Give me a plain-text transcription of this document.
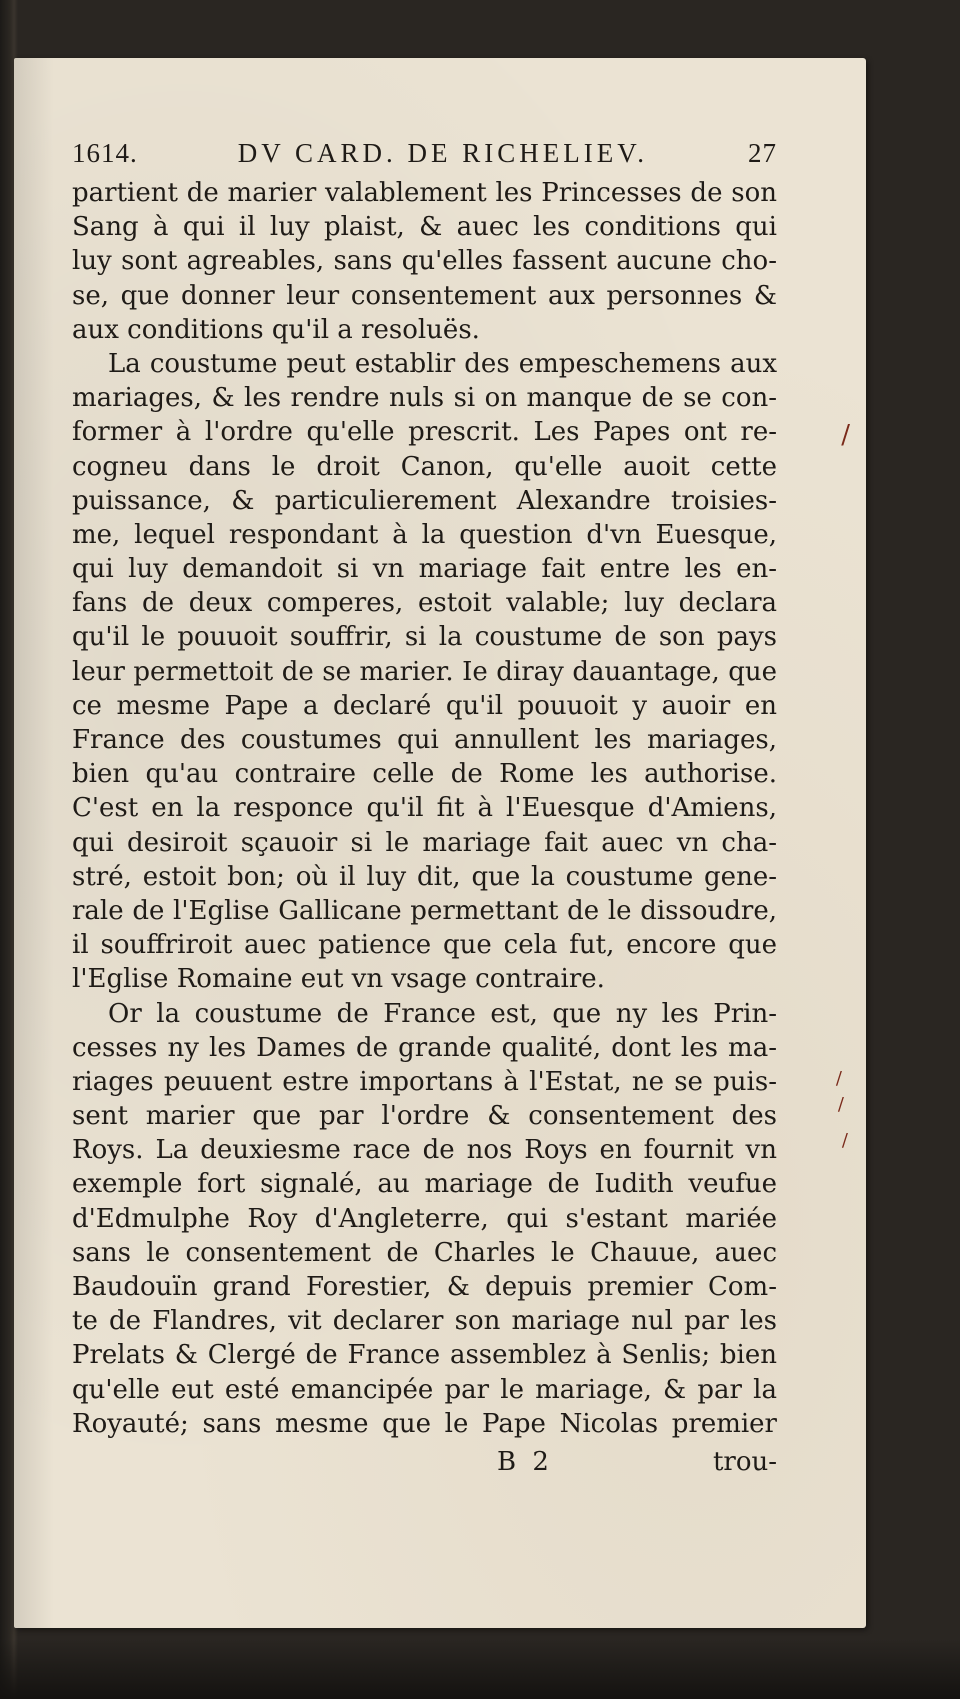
1614.	DV CARD. DE RICHELIEV.	27
partient de marier valablement les Princesses de son
Sang à qui il luy plaist, & auec les conditions qui
luy sont agreables, sans qu'elles fassent aucune cho-
se, que donner leur consentement aux personnes &
aux conditions qu'il a resoluës.
La coustume peut establir des empeschemens aux
mariages, & les rendre nuls si on manque de se con-
former à l'ordre qu'elle prescrit. Les Papes ont re-
cogneu dans le droit Canon, qu'elle auoit cette
puissance, & particulierement Alexandre troisies-
me, lequel respondant à la question d'vn Euesque,
qui luy demandoit si vn mariage fait entre les en-
fans de deux comperes, estoit valable; luy declara
qu'il le pouuoit souffrir, si la coustume de son pays
leur permettoit de se marier. Ie diray dauantage, que
ce mesme Pape a declaré qu'il pouuoit y auoir en
France des coustumes qui annullent les mariages,
bien qu'au contraire celle de Rome les authorise.
C'est en la responce qu'il fit à l'Euesque d'Amiens,
qui desiroit sçauoir si le mariage fait auec vn cha-
stré, estoit bon; où il luy dit, que la coustume gene-
rale de l'Eglise Gallicane permettant de le dissoudre,
il souffriroit auec patience que cela fut, encore que
l'Eglise Romaine eut vn vsage contraire.
Or la coustume de France est, que ny les Prin-
cesses ny les Dames de grande qualité, dont les ma-
riages peuuent estre importans à l'Estat, ne se puis-
sent marier que par l'ordre & consentement des
Roys. La deuxiesme race de nos Roys en fournit vn
exemple fort signalé, au mariage de Iudith veufue
d'Edmulphe Roy d'Angleterre, qui s'estant mariée
sans le consentement de Charles le Chauue, auec
Baudouïn grand Forestier, & depuis premier Com-
te de Flandres, vit declarer son mariage nul par les
Prelats & Clergé de France assemblez à Senlis; bien
qu'elle eut esté emancipée par le mariage, & par la
Royauté; sans mesme que le Pape Nicolas premier
B 2	trou-
/
/
/
/
